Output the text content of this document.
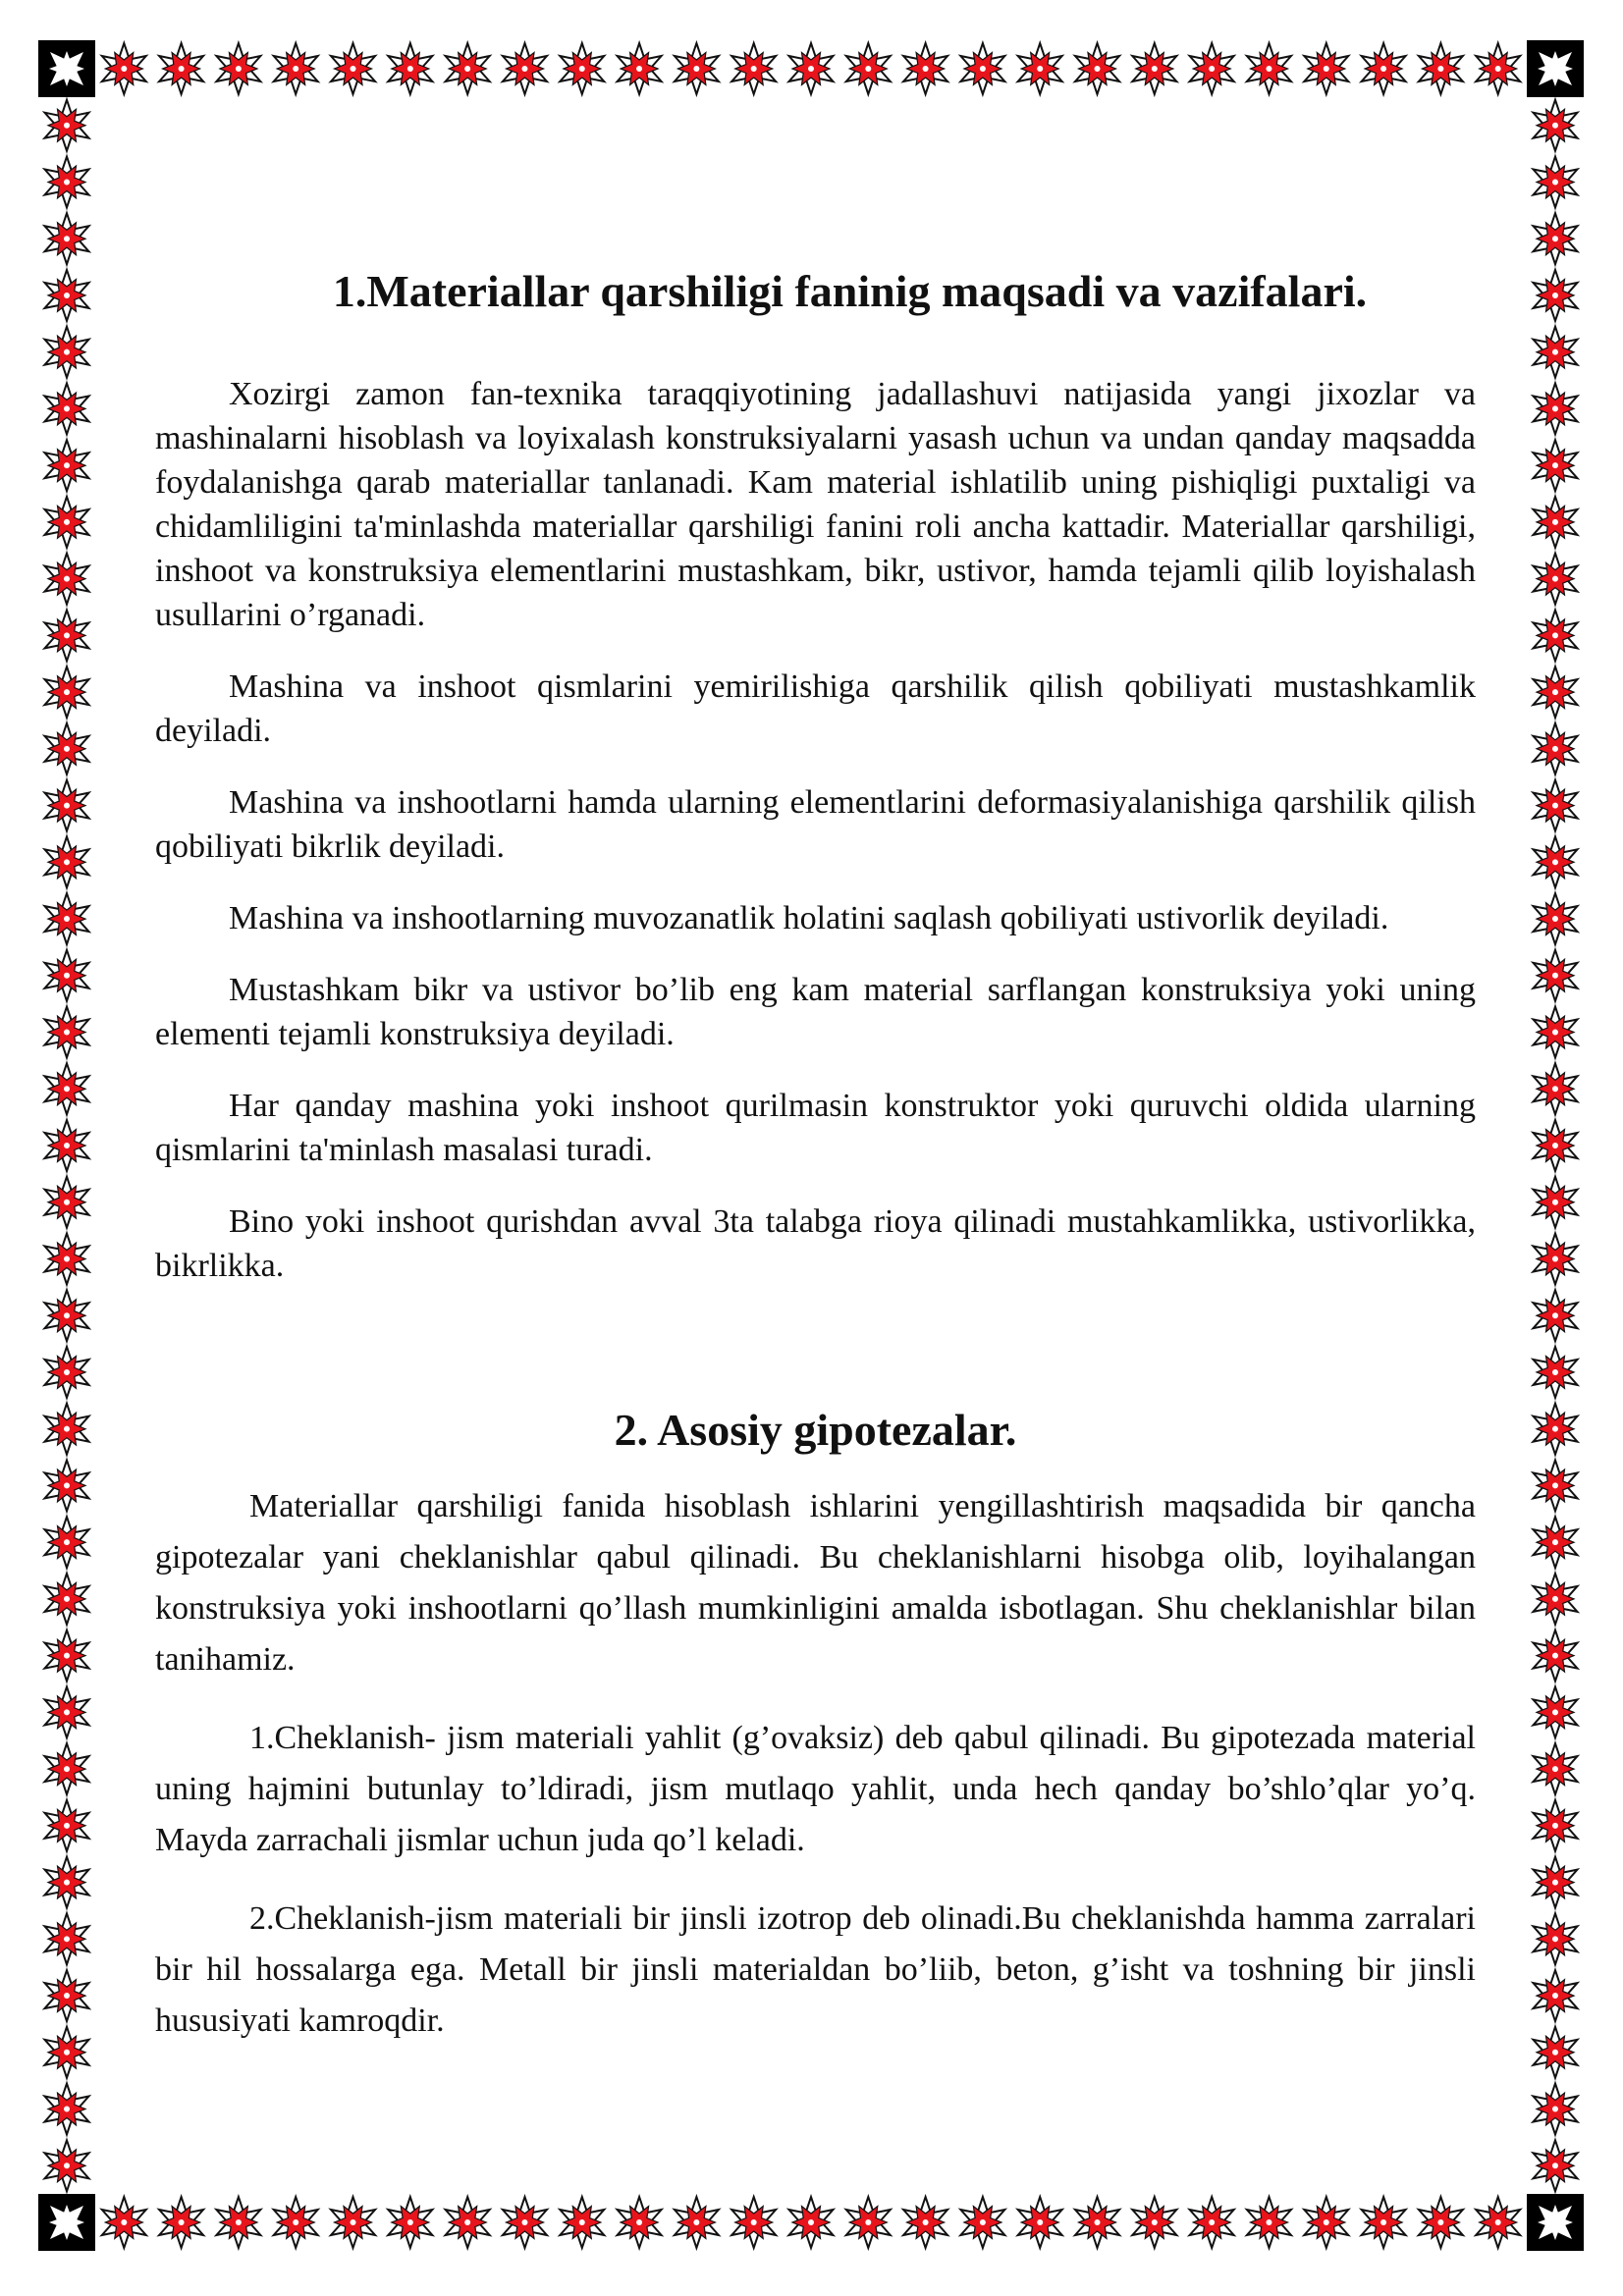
1.Materiallar qarshiligi faninig maqsadi va vazifalari.

Xozirgi zamon fan-texnika taraqqiyotining jadallashuvi natijasida yangi jixozlar va mashinalarni hisoblash va loyixalash konstruksiyalarni yasash uchun va undan qanday maqsadda foydalanishga qarab materiallar tanlanadi. Kam material ishlatilib uning pishiqligi puxtaligi va chidamliligini ta'minlashda materiallar qarshiligi fanini roli ancha kattadir. Materiallar qarshiligi, inshoot va konstruksiya elementlarini mustashkam, bikr, ustivor, hamda tejamli qilib loyishalash usullarini o’rganadi.

Mashina va inshoot qismlarini yemirilishiga qarshilik qilish qobiliyati mustashkamlik deyiladi.

Mashina va inshootlarni hamda ularning elementlarini deformasiyalanishiga qarshilik qilish qobiliyati bikrlik deyiladi.

Mashina va inshootlarning muvozanatlik holatini saqlash qobiliyati ustivorlik deyiladi.

Mustashkam bikr va ustivor bo’lib eng kam material sarflangan konstruksiya yoki uning elementi tejamli konstruksiya deyiladi.

Har qanday mashina yoki inshoot qurilmasin konstruktor yoki quruvchi oldida ularning qismlarini ta'minlash masalasi turadi.

Bino yoki inshoot qurishdan avval 3ta talabga rioya qilinadi mustahkamlikka, ustivorlikka, bikrlikka.

2. Asosiy gipotezalar.

Materiallar qarshiligi fanida hisoblash ishlarini yengillashtirish maqsadida bir qancha gipotezalar yani cheklanishlar qabul qilinadi. Bu cheklanishlarni hisobga olib, loyihalangan konstruksiya yoki inshootlarni qo’llash mumkinligini amalda isbotlagan. Shu cheklanishlar bilan tanihamiz.

1.Cheklanish- jism materiali yahlit (g’ovaksiz) deb qabul qilinadi. Bu gipotezada material uning hajmini butunlay to’ldiradi, jism mutlaqo yahlit, unda hech qanday bo’shlo’qlar yo’q. Mayda zarrachali jismlar uchun juda qo’l keladi.

2.Cheklanish-jism materiali bir jinsli izotrop deb olinadi.Bu cheklanishda hamma zarralari bir hil hossalarga ega. Metall bir jinsli materialdan bo’liib, beton, g’isht va toshning bir jinsli hususiyati kamroqdir.
